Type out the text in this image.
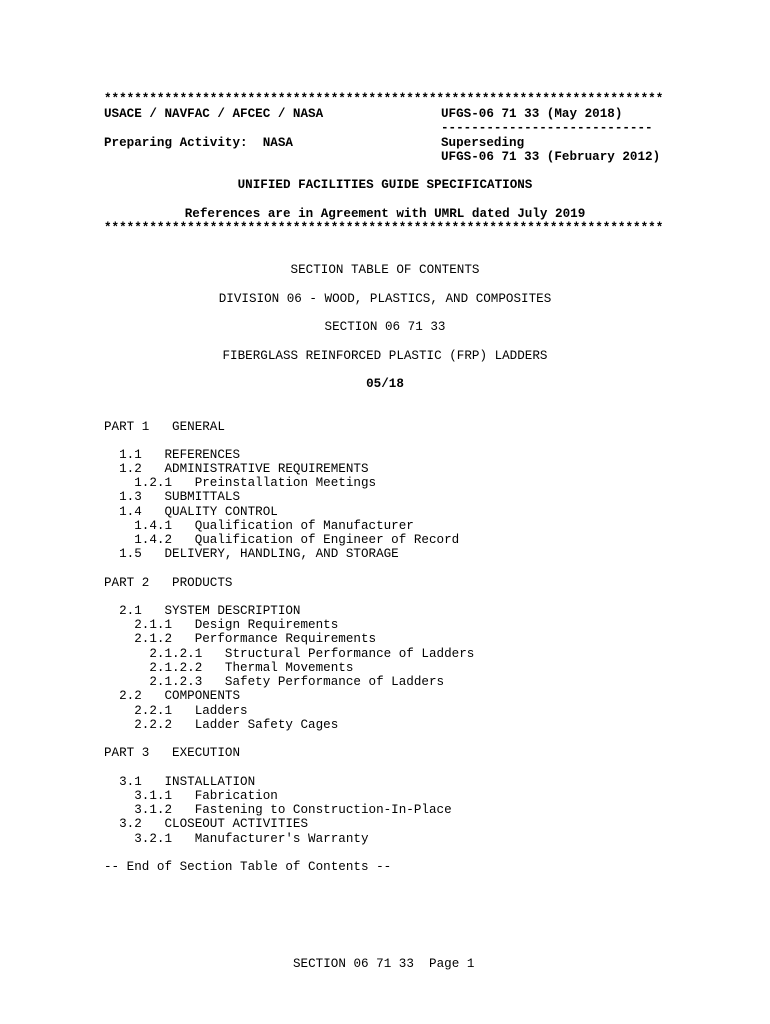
**************************************************************************
USACE / NAVFAC / AFCEC / NASA	UFGS-06 71 33 (May 2018)
----------------------------
Preparing Activity:  NASA	Superseding
UFGS-06 71 33 (February 2012)
UNIFIED FACILITIES GUIDE SPECIFICATIONS
References are in Agreement with UMRL dated July 2019
**************************************************************************
SECTION TABLE OF CONTENTS
DIVISION 06 - WOOD, PLASTICS, AND COMPOSITES
SECTION 06 71 33
FIBERGLASS REINFORCED PLASTIC (FRP) LADDERS
05/18
PART 1   GENERAL
1.1   REFERENCES
1.2   ADMINISTRATIVE REQUIREMENTS
1.2.1   Preinstallation Meetings
1.3   SUBMITTALS
1.4   QUALITY CONTROL
1.4.1   Qualification of Manufacturer
1.4.2   Qualification of Engineer of Record
1.5   DELIVERY, HANDLING, AND STORAGE
PART 2   PRODUCTS
2.1   SYSTEM DESCRIPTION
2.1.1   Design Requirements
2.1.2   Performance Requirements
2.1.2.1   Structural Performance of Ladders
2.1.2.2   Thermal Movements
2.1.2.3   Safety Performance of Ladders
2.2   COMPONENTS
2.2.1   Ladders
2.2.2   Ladder Safety Cages
PART 3   EXECUTION
3.1   INSTALLATION
3.1.1   Fabrication
3.1.2   Fastening to Construction-In-Place
3.2   CLOSEOUT ACTIVITIES
3.2.1   Manufacturer's Warranty
-- End of Section Table of Contents --
SECTION 06 71 33  Page 1
